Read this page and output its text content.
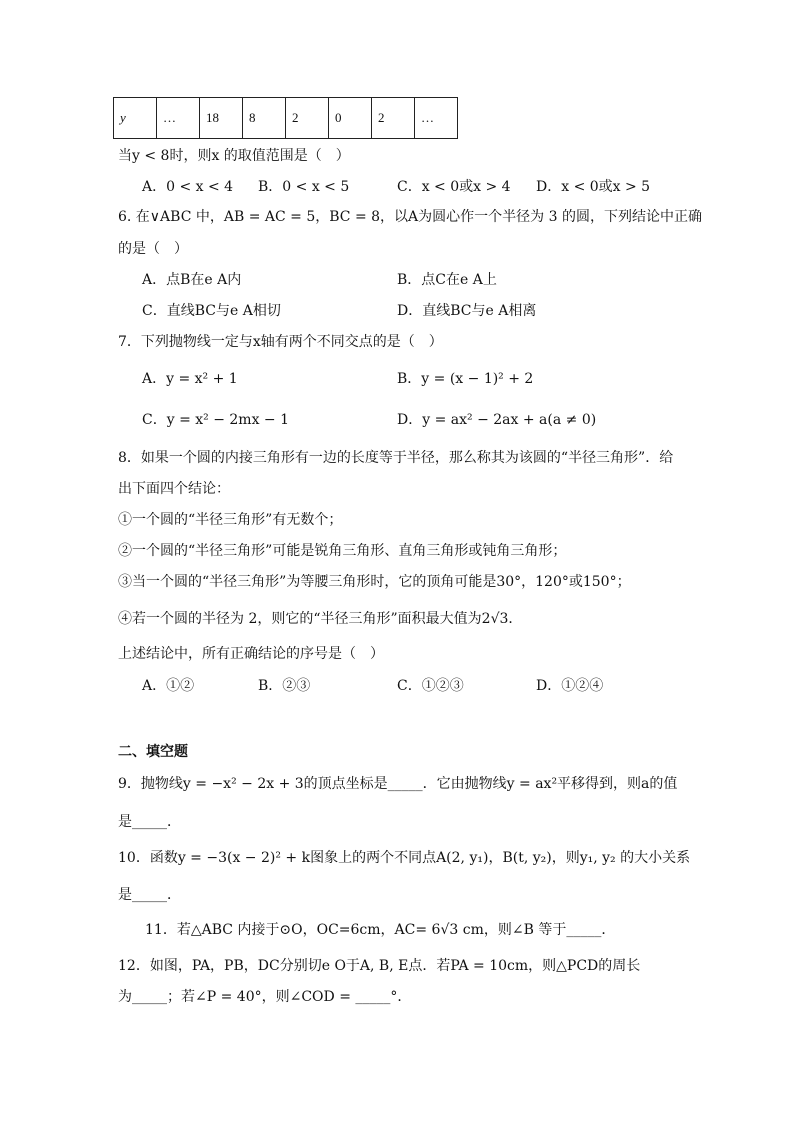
y	…	18	8	2	0	2	…
当y < 8时，则x 的取值范围是（　）
A．0 < x < 4 B．0 < x < 5	C．x < 0或x > 4 D．x < 0或x > 5
6. 在∨ABC 中，AB = AC = 5，BC = 8，以A为圆心作一个半径为 3 的圆，下列结论中正确
的是（　）
A．点B在e A内	B．点C在e A上
C．直线BC与e A相切	D．直线BC与e A相离
7．下列抛物线一定与x轴有两个不同交点的是（　）
A．y = x² + 1	B．y = (x − 1)² + 2
C．y = x² − 2mx − 1	D．y = ax² − 2ax + a(a ≠ 0)
8．如果一个圆的内接三角形有一边的长度等于半径，那么称其为该圆的“半径三角形”．给
出下面四个结论：
①一个圆的“半径三角形”有无数个；
②一个圆的“半径三角形”可能是锐角三角形、直角三角形或钝角三角形；
③当一个圆的“半径三角形”为等腰三角形时，它的顶角可能是30°，120°或150°；
④若一个圆的半径为 2，则它的“半径三角形”面积最大值为2√3．
上述结论中，所有正确结论的序号是（　）
A．①②	B．②③	C．①②③	D．①②④
二、填空题
9．抛物线y = −x² − 2x + 3的顶点坐标是_____．它由抛物线y = ax²平移得到，则a的值
是_____．
10．函数y = −3(x − 2)² + k图象上的两个不同点A(2, y₁)，B(t, y₂)，则y₁, y₂ 的大小关系
是_____．
11．若△ABC 内接于⊙O，OC=6cm，AC= 6√3 cm，则∠B 等于_____．
12．如图，PA，PB，DC分别切e O于A, B, E点．若PA = 10cm，则△PCD的周长
为_____；若∠P = 40°，则∠COD = _____°．
